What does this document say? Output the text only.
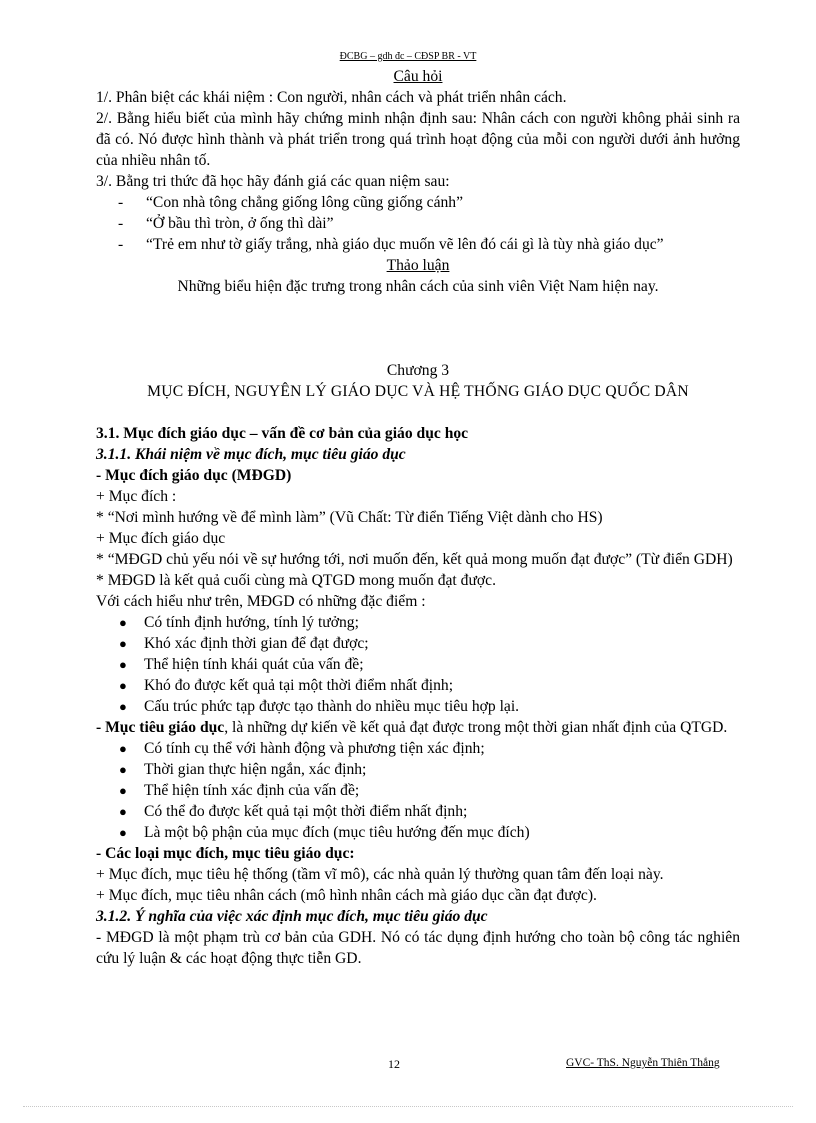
ĐCBG – gdh đc – CĐSP BR - VT

Câu hỏi

1/. Phân biệt các khái niệm : Con người, nhân cách và phát triển nhân cách.

2/. Bằng hiểu biết của mình hãy chứng minh nhận định sau: Nhân cách con người không phải sinh ra đã có. Nó được hình thành và phát triển trong quá trình hoạt động của mỗi con người dưới ảnh hưởng của nhiều nhân tố.

3/. Bằng tri thức đã học hãy đánh giá các quan niệm sau:

- “Con nhà tông chẳng giống lông cũng giống cánh”
- “Ở bầu thì tròn, ở ống thì dài”
- “Trẻ em như tờ giấy trắng, nhà giáo dục muốn vẽ lên đó cái gì là tùy nhà giáo dục”

Thảo luận

Những biểu hiện đặc trưng trong nhân cách của sinh viên Việt Nam hiện nay.

Chương 3

MỤC ĐÍCH, NGUYÊN LÝ GIÁO DỤC VÀ HỆ THỐNG GIÁO DỤC QUỐC DÂN

3.1. Mục đích giáo dục – vấn đề cơ bản của giáo dục học

3.1.1. Khái niệm về mục đích, mục tiêu giáo dục

- Mục đích giáo dục (MĐGD)

+ Mục đích :

* “Nơi mình hướng về để mình làm” (Vũ Chất: Từ điển Tiếng Việt dành cho HS)

+ Mục đích giáo dục

* “MĐGD chủ yếu nói về sự hướng tới, nơi muốn đến, kết quả mong muốn đạt được” (Từ điển GDH)

* MĐGD là kết quả cuối cùng mà QTGD mong muốn đạt được.

Với cách hiểu như trên, MĐGD có những đặc điểm :

● Có tính định hướng, tính lý tưởng;
● Khó xác định thời gian để đạt được;
● Thể hiện tính khái quát của vấn đề;
● Khó đo được kết quả tại một thời điểm nhất định;
● Cấu trúc phức tạp được tạo thành do nhiều mục tiêu hợp lại.

- Mục tiêu giáo dục, là những dự kiến về kết quả đạt được trong một thời gian nhất định của QTGD.

● Có tính cụ thể với hành động và phương tiện xác định;
● Thời gian thực hiện ngắn, xác định;
● Thể hiện tính xác định của vấn đề;
● Có thể đo được kết quả tại một thời điểm nhất định;
● Là một bộ phận của mục đích (mục tiêu hướng đến mục đích)

- Các loại mục đích, mục tiêu giáo dục:

+ Mục đích, mục tiêu hệ thống (tầm vĩ mô), các nhà quản lý thường quan tâm đến loại này.

+ Mục đích, mục tiêu nhân cách (mô hình nhân cách mà giáo dục cần đạt được).

3.1.2. Ý nghĩa của việc xác định mục đích, mục tiêu giáo dục

- MĐGD là một phạm trù cơ bản của GDH. Nó có tác dụng định hướng cho toàn bộ công tác nghiên cứu lý luận & các hoạt động thực tiễn GD.

12	GVC- ThS. Nguyễn Thiên Thắng
